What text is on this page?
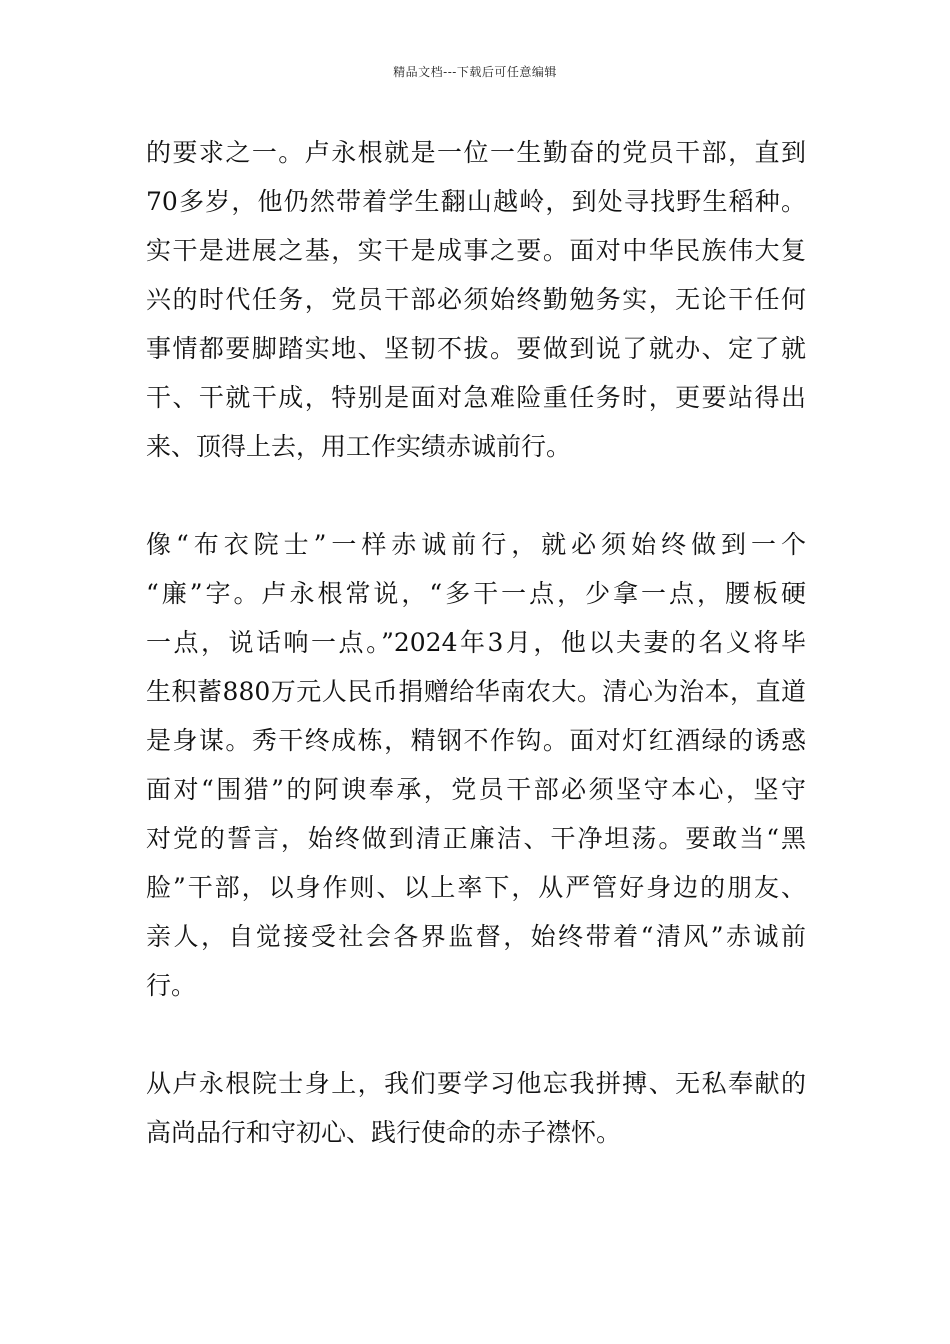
精品文档---下载后可任意编辑
的要求之一。卢永根就是一位一生勤奋的党员干部，直到
70多岁，他仍然带着学生翻山越岭，到处寻找野生稻种。
实干是进展之基，实干是成事之要。面对中华民族伟大复
兴的时代任务，党员干部必须始终勤勉务实，无论干任何
事情都要脚踏实地、坚韧不拔。要做到说了就办、定了就
干、干就干成，特别是面对急难险重任务时，更要站得出
来、顶得上去，用工作实绩赤诚前行。
像“布衣院士”一样赤诚前行，就必须始终做到一个
“廉”字。卢永根常说，“多干一点，少拿一点，腰板硬
一点，说话响一点。”2024年3月，他以夫妻的名义将毕
生积蓄880万元人民币捐赠给华南农大。清心为治本，直道
是身谋。秀干终成栋，精钢不作钩。面对灯红酒绿的诱惑
面对“围猎”的阿谀奉承，党员干部必须坚守本心，坚守
对党的誓言，始终做到清正廉洁、干净坦荡。要敢当“黑
脸”干部，以身作则、以上率下，从严管好身边的朋友、
亲人，自觉接受社会各界监督，始终带着“清风”赤诚前
行。
从卢永根院士身上，我们要学习他忘我拼搏、无私奉献的
高尚品行和守初心、践行使命的赤子襟怀。
